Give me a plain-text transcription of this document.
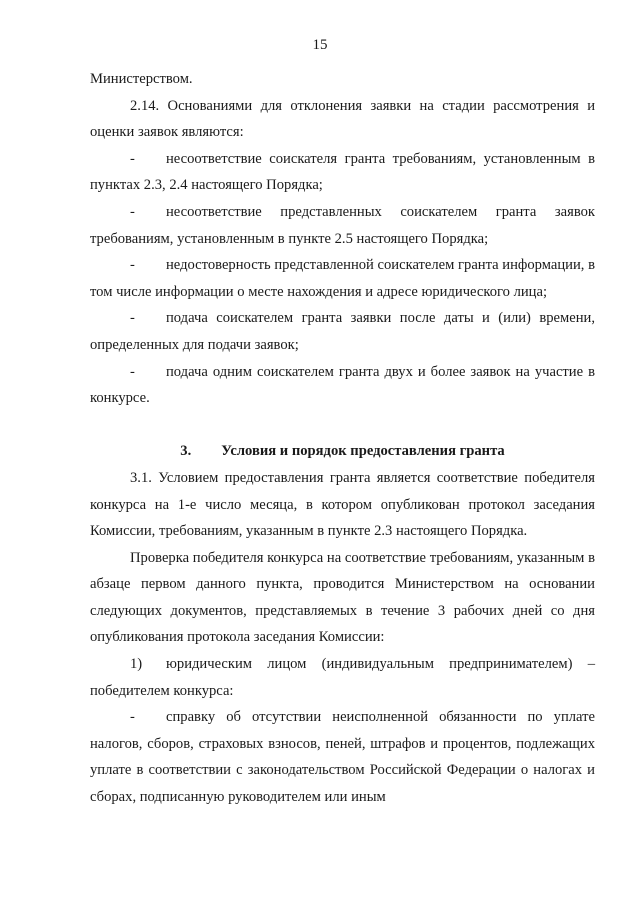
15

Министерством.

2.14. Основаниями для отклонения заявки на стадии рассмотрения и оценки заявок являются:

- несоответствие соискателя гранта требованиям, установленным в пунктах 2.3, 2.4 настоящего Порядка;

- несоответствие представленных соискателем гранта заявок требованиям, установленным в пункте 2.5 настоящего Порядка;

- недостоверность представленной соискателем гранта информации, в том числе информации о месте нахождения и адресе юридического лица;

- подача соискателем гранта заявки после даты и (или) времени, определенных для подачи заявок;

- подача одним соискателем гранта двух и более заявок на участие в конкурсе.

3. Условия и порядок предоставления гранта

3.1. Условием предоставления гранта является соответствие победителя конкурса на 1-е число месяца, в котором опубликован протокол заседания Комиссии, требованиям, указанным в пункте 2.3 настоящего Порядка.

Проверка победителя конкурса на соответствие требованиям, указанным в абзаце первом данного пункта, проводится Министерством на основании следующих документов, представляемых в течение 3 рабочих дней со дня опубликования протокола заседания Комиссии:

1) юридическим лицом (индивидуальным предпринимателем) – победителем конкурса:

- справку об отсутствии неисполненной обязанности по уплате налогов, сборов, страховых взносов, пеней, штрафов и процентов, подлежащих уплате в соответствии с законодательством Российской Федерации о налогах и сборах, подписанную руководителем или иным
